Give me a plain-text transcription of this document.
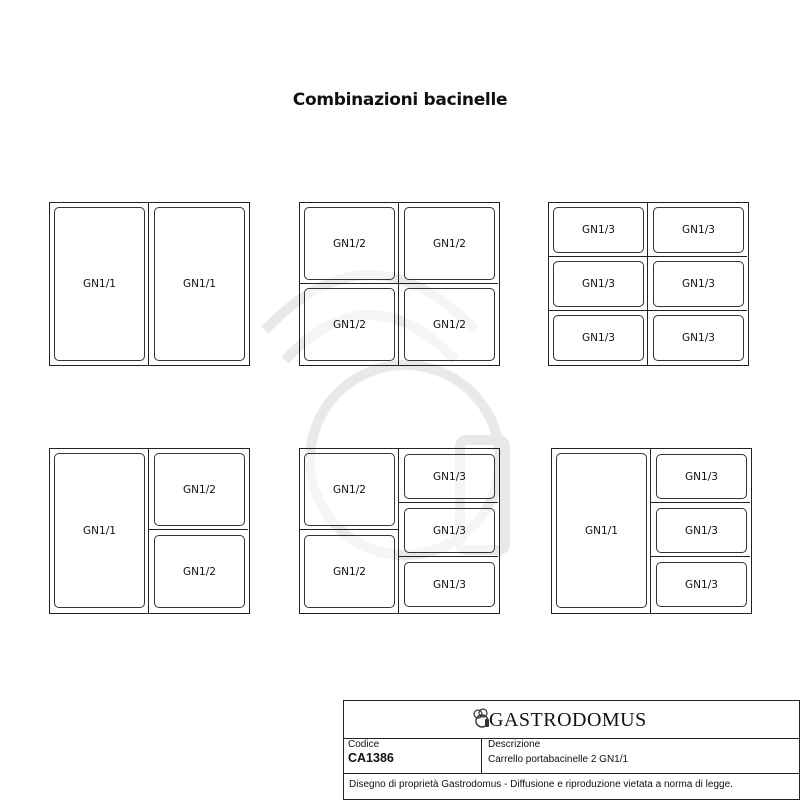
Combinazioni bacinelle
GN1/1	GN1/1
GN1/2	GN1/2
GN1/2	GN1/2
GN1/3	GN1/3
GN1/3	GN1/3
GN1/3	GN1/3
GN1/1
GN1/2
GN1/2
GN1/2
GN1/2
GN1/3
GN1/3
GN1/3
GN1/1
GN1/3
GN1/3
GN1/3
GASTRODOMUS
Codice
CA1386
Descrizione
Carrello portabacinelle 2 GN1/1
Disegno di proprietà Gastrodomus - Diffusione e riproduzione vietata a norma di legge.
